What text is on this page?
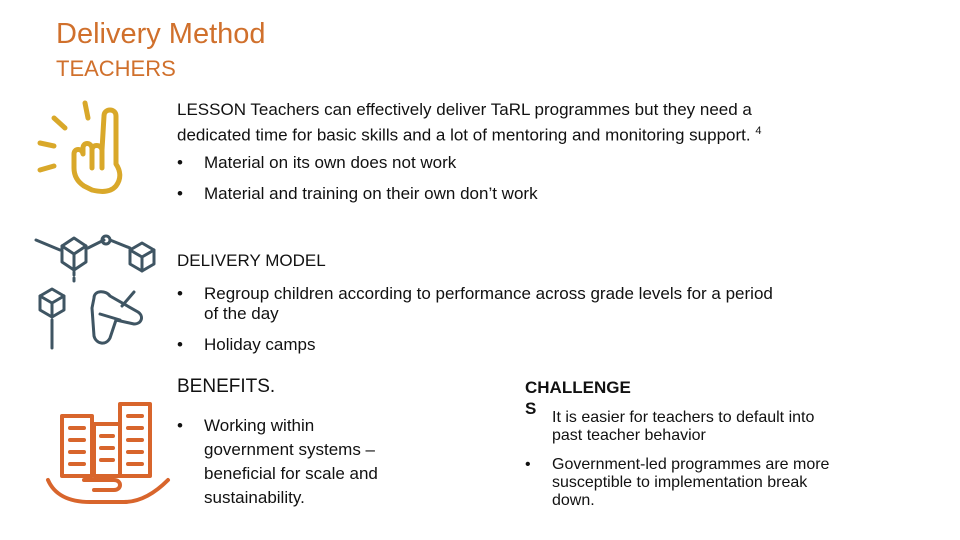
Delivery Method
TEACHERS
LESSON Teachers can effectively deliver TaRL programmes but they need a
dedicated time for basic skills and a lot of mentoring and monitoring support. $^4$
• Material on its own does not work
• Material and training on their own don’t work
DELIVERY MODEL
• Regroup children according to performance across grade levels for a period
of the day
• Holiday camps
BENEFITS.
• Working within
government systems –
beneficial for scale and
sustainability.
CHALLENGE
S It is easier for teachers to default into
past teacher behavior
• Government-led programmes are more
susceptible to implementation break
down.
